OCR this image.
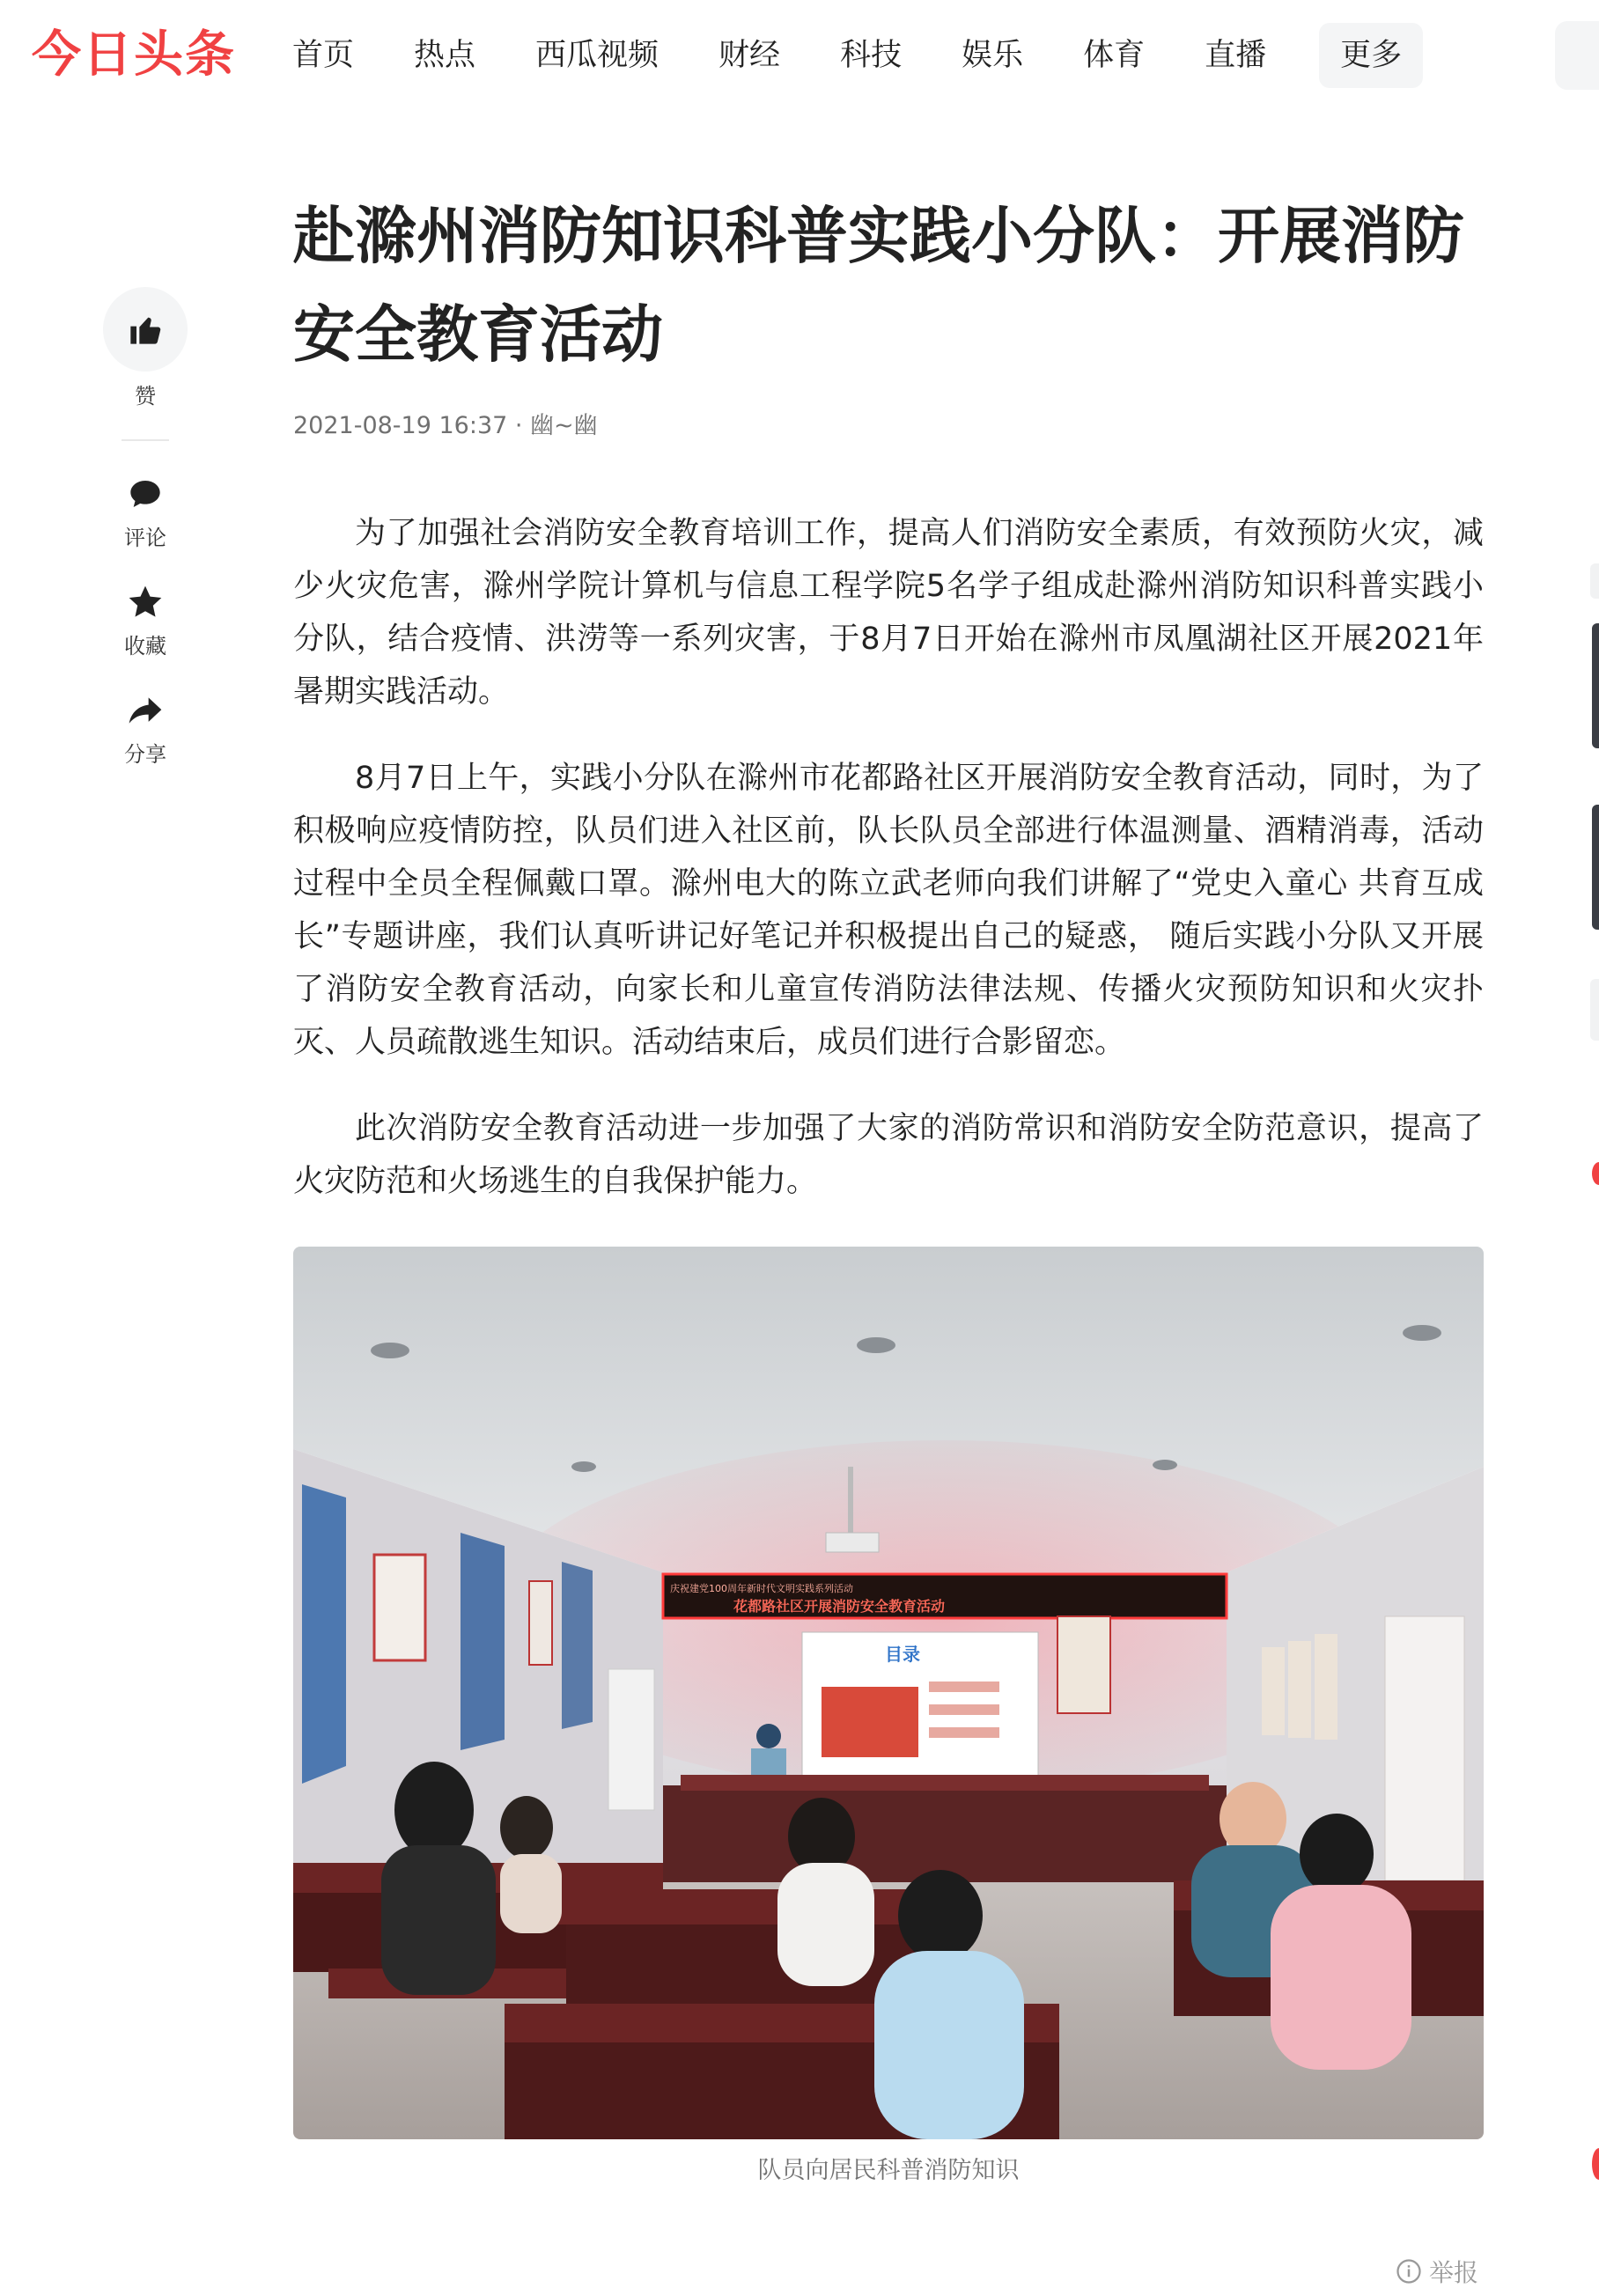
今日头条 首页 热点 西瓜视频 财经 科技 娱乐 体育 直播	更多
赞
评论
收藏
分享
赴滁州消防知识科普实践小分队：开展消防安全教育活动
2021-08-19 16:37 · 幽~幽

为了加强社会消防安全教育培训工作，提高人们消防安全素质，有效预防火灾，减少火灾危害，滁州学院计算机与信息工程学院5名学子组成赴滁州消防知识科普实践小分队，结合疫情、洪涝等一系列灾害，于8月7日开始在滁州市凤凰湖社区开展2021年暑期实践活动。

8月7日上午，实践小分队在滁州市花都路社区开展消防安全教育活动，同时，为了积极响应疫情防控，队员们进入社区前，队长队员全部进行体温测量、酒精消毒，活动过程中全员全程佩戴口罩。滁州电大的陈立武老师向我们讲解了“党史入童心 共育互成长”专题讲座，我们认真听讲记好笔记并积极提出自己的疑惑， 随后实践小分队又开展了消防安全教育活动，向家长和儿童宣传消防法律法规、传播火灾预防知识和火灾扑灭、人员疏散逃生知识。活动结束后，成员们进行合影留恋。

此次消防安全教育活动进一步加强了大家的消防常识和消防安全防范意识，提高了火灾防范和火场逃生的自我保护能力。

庆祝建党100周年新时代文明实践系列活动
花都路社区开展消防安全教育活动
目录
队员向居民科普消防知识
举报
